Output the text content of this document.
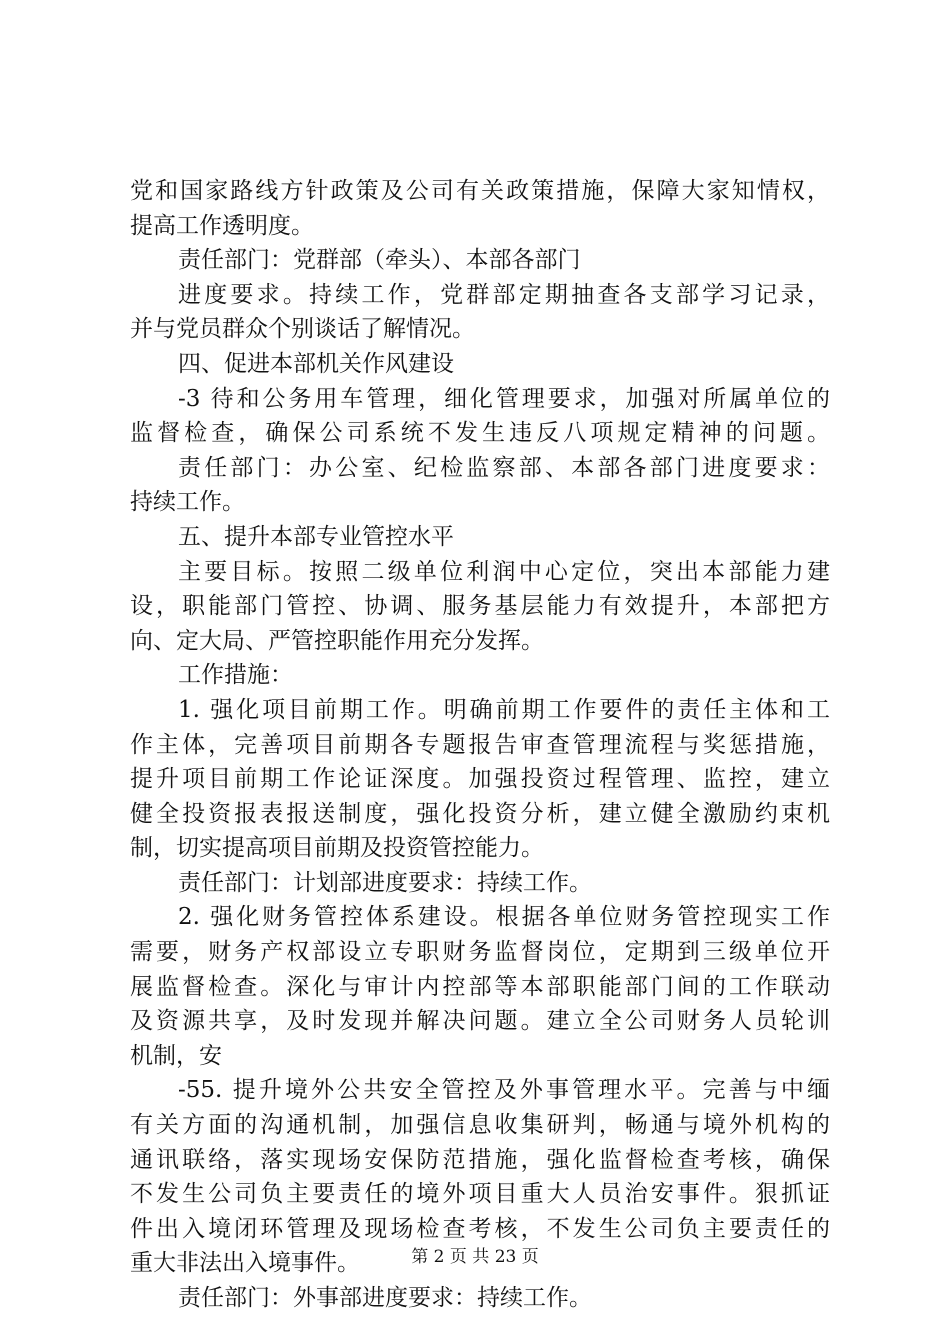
党和国家路线方针政策及公司有关政策措施，保障大家知情权，
提高工作透明度。
责任部门：党群部（牵头）、本部各部门
进度要求。持续工作，党群部定期抽查各支部学习记录，
并与党员群众个别谈话了解情况。
四、促进本部机关作风建设
-3 待和公务用车管理，细化管理要求，加强对所属单位的
监督检查，确保公司系统不发生违反八项规定精神的问题。
责任部门：办公室、纪检监察部、本部各部门进度要求：
持续工作。
五、提升本部专业管控水平
主要目标。按照二级单位利润中心定位，突出本部能力建
设，职能部门管控、协调、服务基层能力有效提升，本部把方
向、定大局、严管控职能作用充分发挥。
工作措施：
1. 强化项目前期工作。明确前期工作要件的责任主体和工
作主体，完善项目前期各专题报告审查管理流程与奖惩措施，
提升项目前期工作论证深度。加强投资过程管理、监控，建立
健全投资报表报送制度，强化投资分析，建立健全激励约束机
制，切实提高项目前期及投资管控能力。
责任部门：计划部进度要求：持续工作。
2. 强化财务管控体系建设。根据各单位财务管控现实工作
需要，财务产权部设立专职财务监督岗位，定期到三级单位开
展监督检查。深化与审计内控部等本部职能部门间的工作联动
及资源共享，及时发现并解决问题。建立全公司财务人员轮训
机制，安
-55. 提升境外公共安全管控及外事管理水平。完善与中缅
有关方面的沟通机制，加强信息收集研判，畅通与境外机构的
通讯联络，落实现场安保防范措施，强化监督检查考核，确保
不发生公司负主要责任的境外项目重大人员治安事件。狠抓证
件出入境闭环管理及现场检查考核，不发生公司负主要责任的
重大非法出入境事件。
责任部门：外事部进度要求：持续工作。
第 2 页 共 23 页
